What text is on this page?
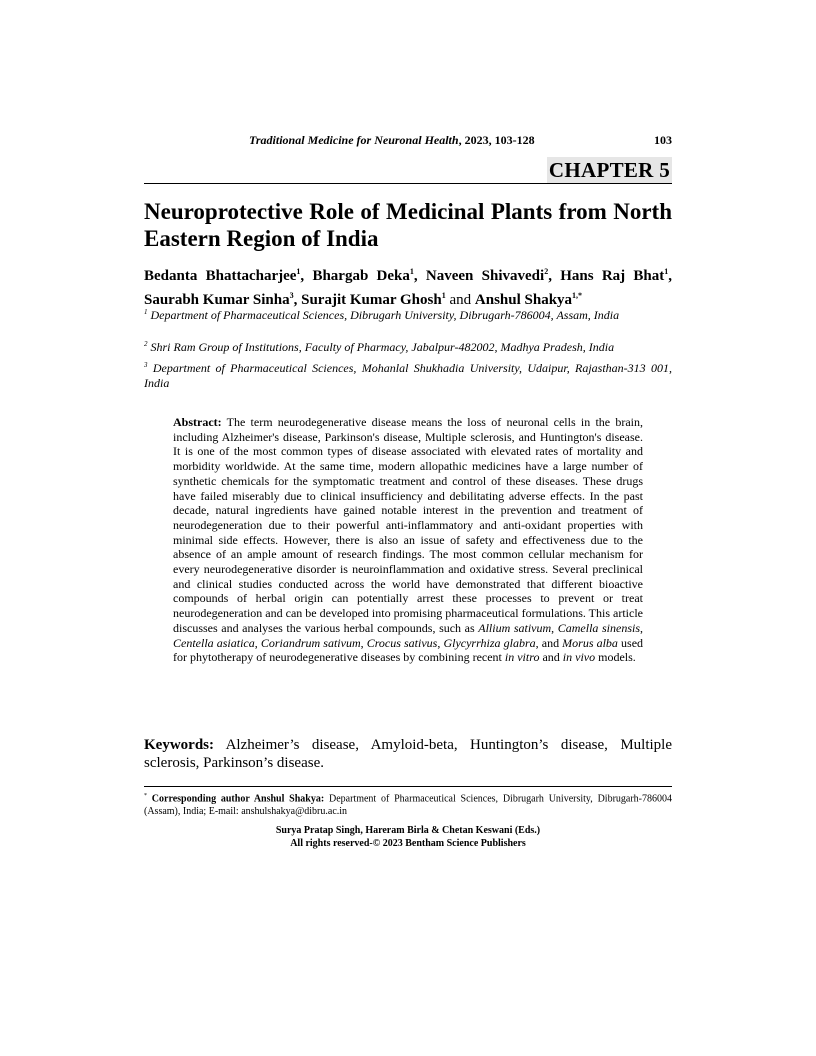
Traditional Medicine for Neuronal Health, 2023, 103-128	103
CHAPTER 5
Neuroprotective Role of Medicinal Plants from North Eastern Region of India
Bedanta Bhattacharjee$^1$, Bhargab Deka$^1$, Naveen Shivavedi$^2$, Hans Raj Bhat$^1$, Saurabh Kumar Sinha$^3$, Surajit Kumar Ghosh$^1$ and Anshul Shakya$^{1,*}$
$^1$ Department of Pharmaceutical Sciences, Dibrugarh University, Dibrugarh-786004, Assam, India
$^2$ Shri Ram Group of Institutions, Faculty of Pharmacy, Jabalpur-482002, Madhya Pradesh, India
$^3$ Department of Pharmaceutical Sciences, Mohanlal Shukhadia University, Udaipur, Rajasthan-313 001, India
Abstract: The term neurodegenerative disease means the loss of neuronal cells in the brain, including Alzheimer's disease, Parkinson's disease, Multiple sclerosis, and Huntington's disease. It is one of the most common types of disease associated with elevated rates of mortality and morbidity worldwide. At the same time, modern allopathic medicines have a large number of synthetic chemicals for the symptomatic treatment and control of these diseases. These drugs have failed miserably due to clinical insufficiency and debilitating adverse effects. In the past decade, natural ingredients have gained notable interest in the prevention and treatment of neurodegeneration due to their powerful anti-inflammatory and anti-oxidant properties with minimal side effects. However, there is also an issue of safety and effectiveness due to the absence of an ample amount of research findings. The most common cellular mechanism for every neurodegenerative disorder is neuroinflammation and oxidative stress. Several preclinical and clinical studies conducted across the world have demonstrated that different bioactive compounds of herbal origin can potentially arrest these processes to prevent or treat neurodegeneration and can be developed into promising pharmaceutical formulations. This article discusses and analyses the various herbal compounds, such as Allium sativum, Camella sinensis, Centella asiatica, Coriandrum sativum, Crocus sativus, Glycyrrhiza glabra, and Morus alba used for phytotherapy of neurodegenerative diseases by combining recent in vitro and in vivo models.
Keywords: Alzheimer’s disease, Amyloid-beta, Huntington’s disease, Multiple sclerosis, Parkinson’s disease.
* Corresponding author Anshul Shakya: Department of Pharmaceutical Sciences, Dibrugarh University, Dibrugarh-786004 (Assam), India; E-mail: anshulshakya@dibru.ac.in
Surya Pratap Singh, Hareram Birla & Chetan Keswani (Eds.)
All rights reserved-© 2023 Bentham Science Publishers
